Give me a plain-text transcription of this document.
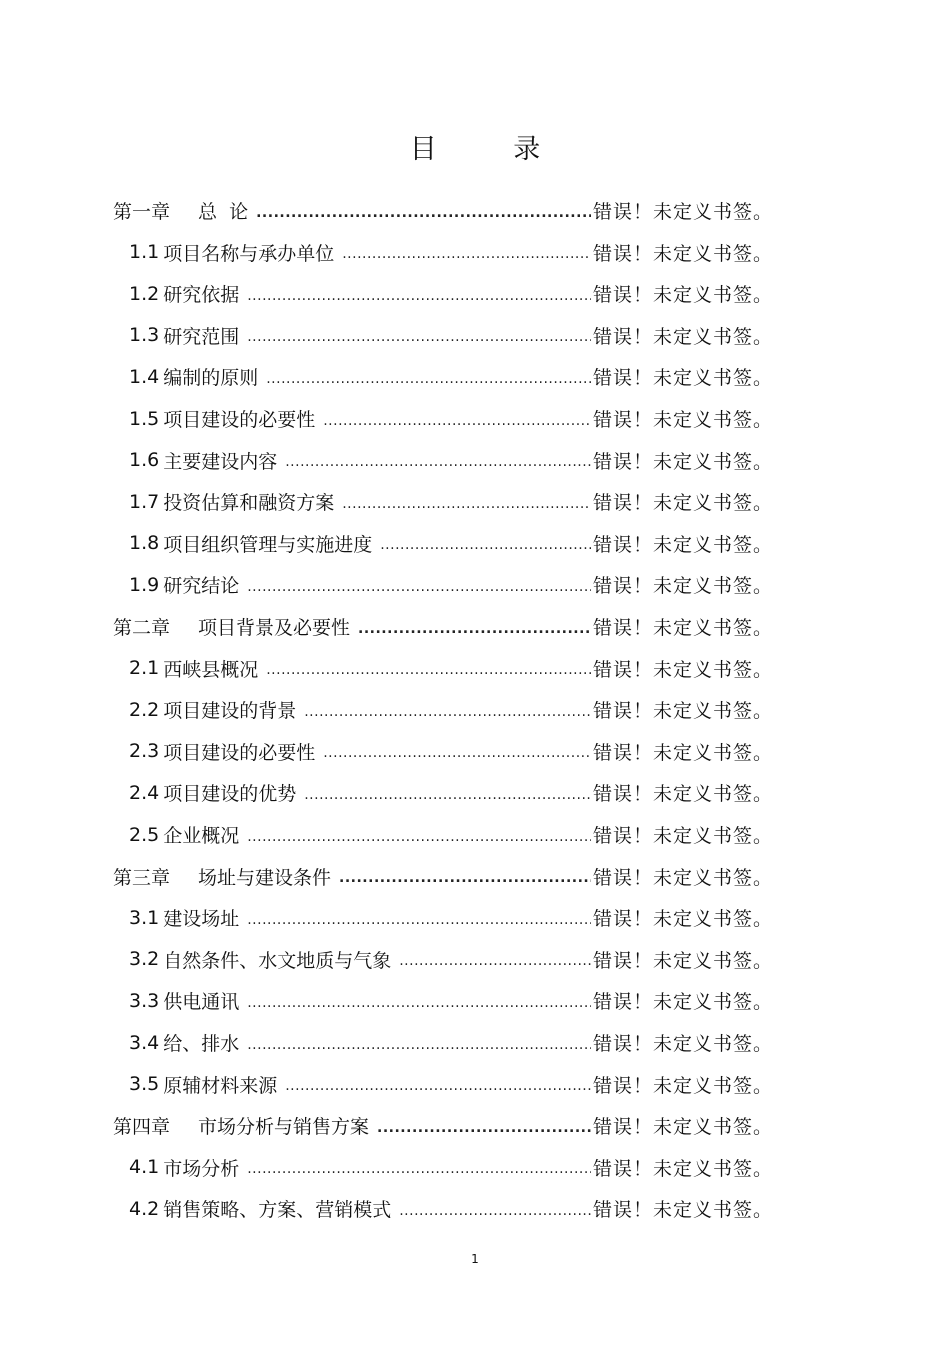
目 录
第一章 总  论 .....	错误！未定义书签。
1.1 项目名称与承办单位 .....	错误！未定义书签。
1.2 研究依据 .....	错误！未定义书签。
1.3 研究范围 .....	错误！未定义书签。
1.4 编制的原则 .....	错误！未定义书签。
1.5 项目建设的必要性 .....	错误！未定义书签。
1.6 主要建设内容 .....	错误！未定义书签。
1.7 投资估算和融资方案 .....	错误！未定义书签。
1.8 项目组织管理与实施进度 .....	错误！未定义书签。
1.9 研究结论 .....	错误！未定义书签。
第二章 项目背景及必要性 .....	错误！未定义书签。
2.1 西峡县概况 .....	错误！未定义书签。
2.2 项目建设的背景 .....	错误！未定义书签。
2.3 项目建设的必要性 .....	错误！未定义书签。
2.4 项目建设的优势 .....	错误！未定义书签。
2.5 企业概况 .....	错误！未定义书签。
第三章 场址与建设条件 .....	错误！未定义书签。
3.1 建设场址 .....	错误！未定义书签。
3.2 自然条件、水文地质与气象 .....	错误！未定义书签。
3.3 供电通讯 .....	错误！未定义书签。
3.4 给、排水 .....	错误！未定义书签。
3.5 原辅材料来源 .....	错误！未定义书签。
第四章 市场分析与销售方案 .....	错误！未定义书签。
4.1 市场分析 .....	错误！未定义书签。
4.2 销售策略、方案、营销模式 .....	错误！未定义书签。
1
